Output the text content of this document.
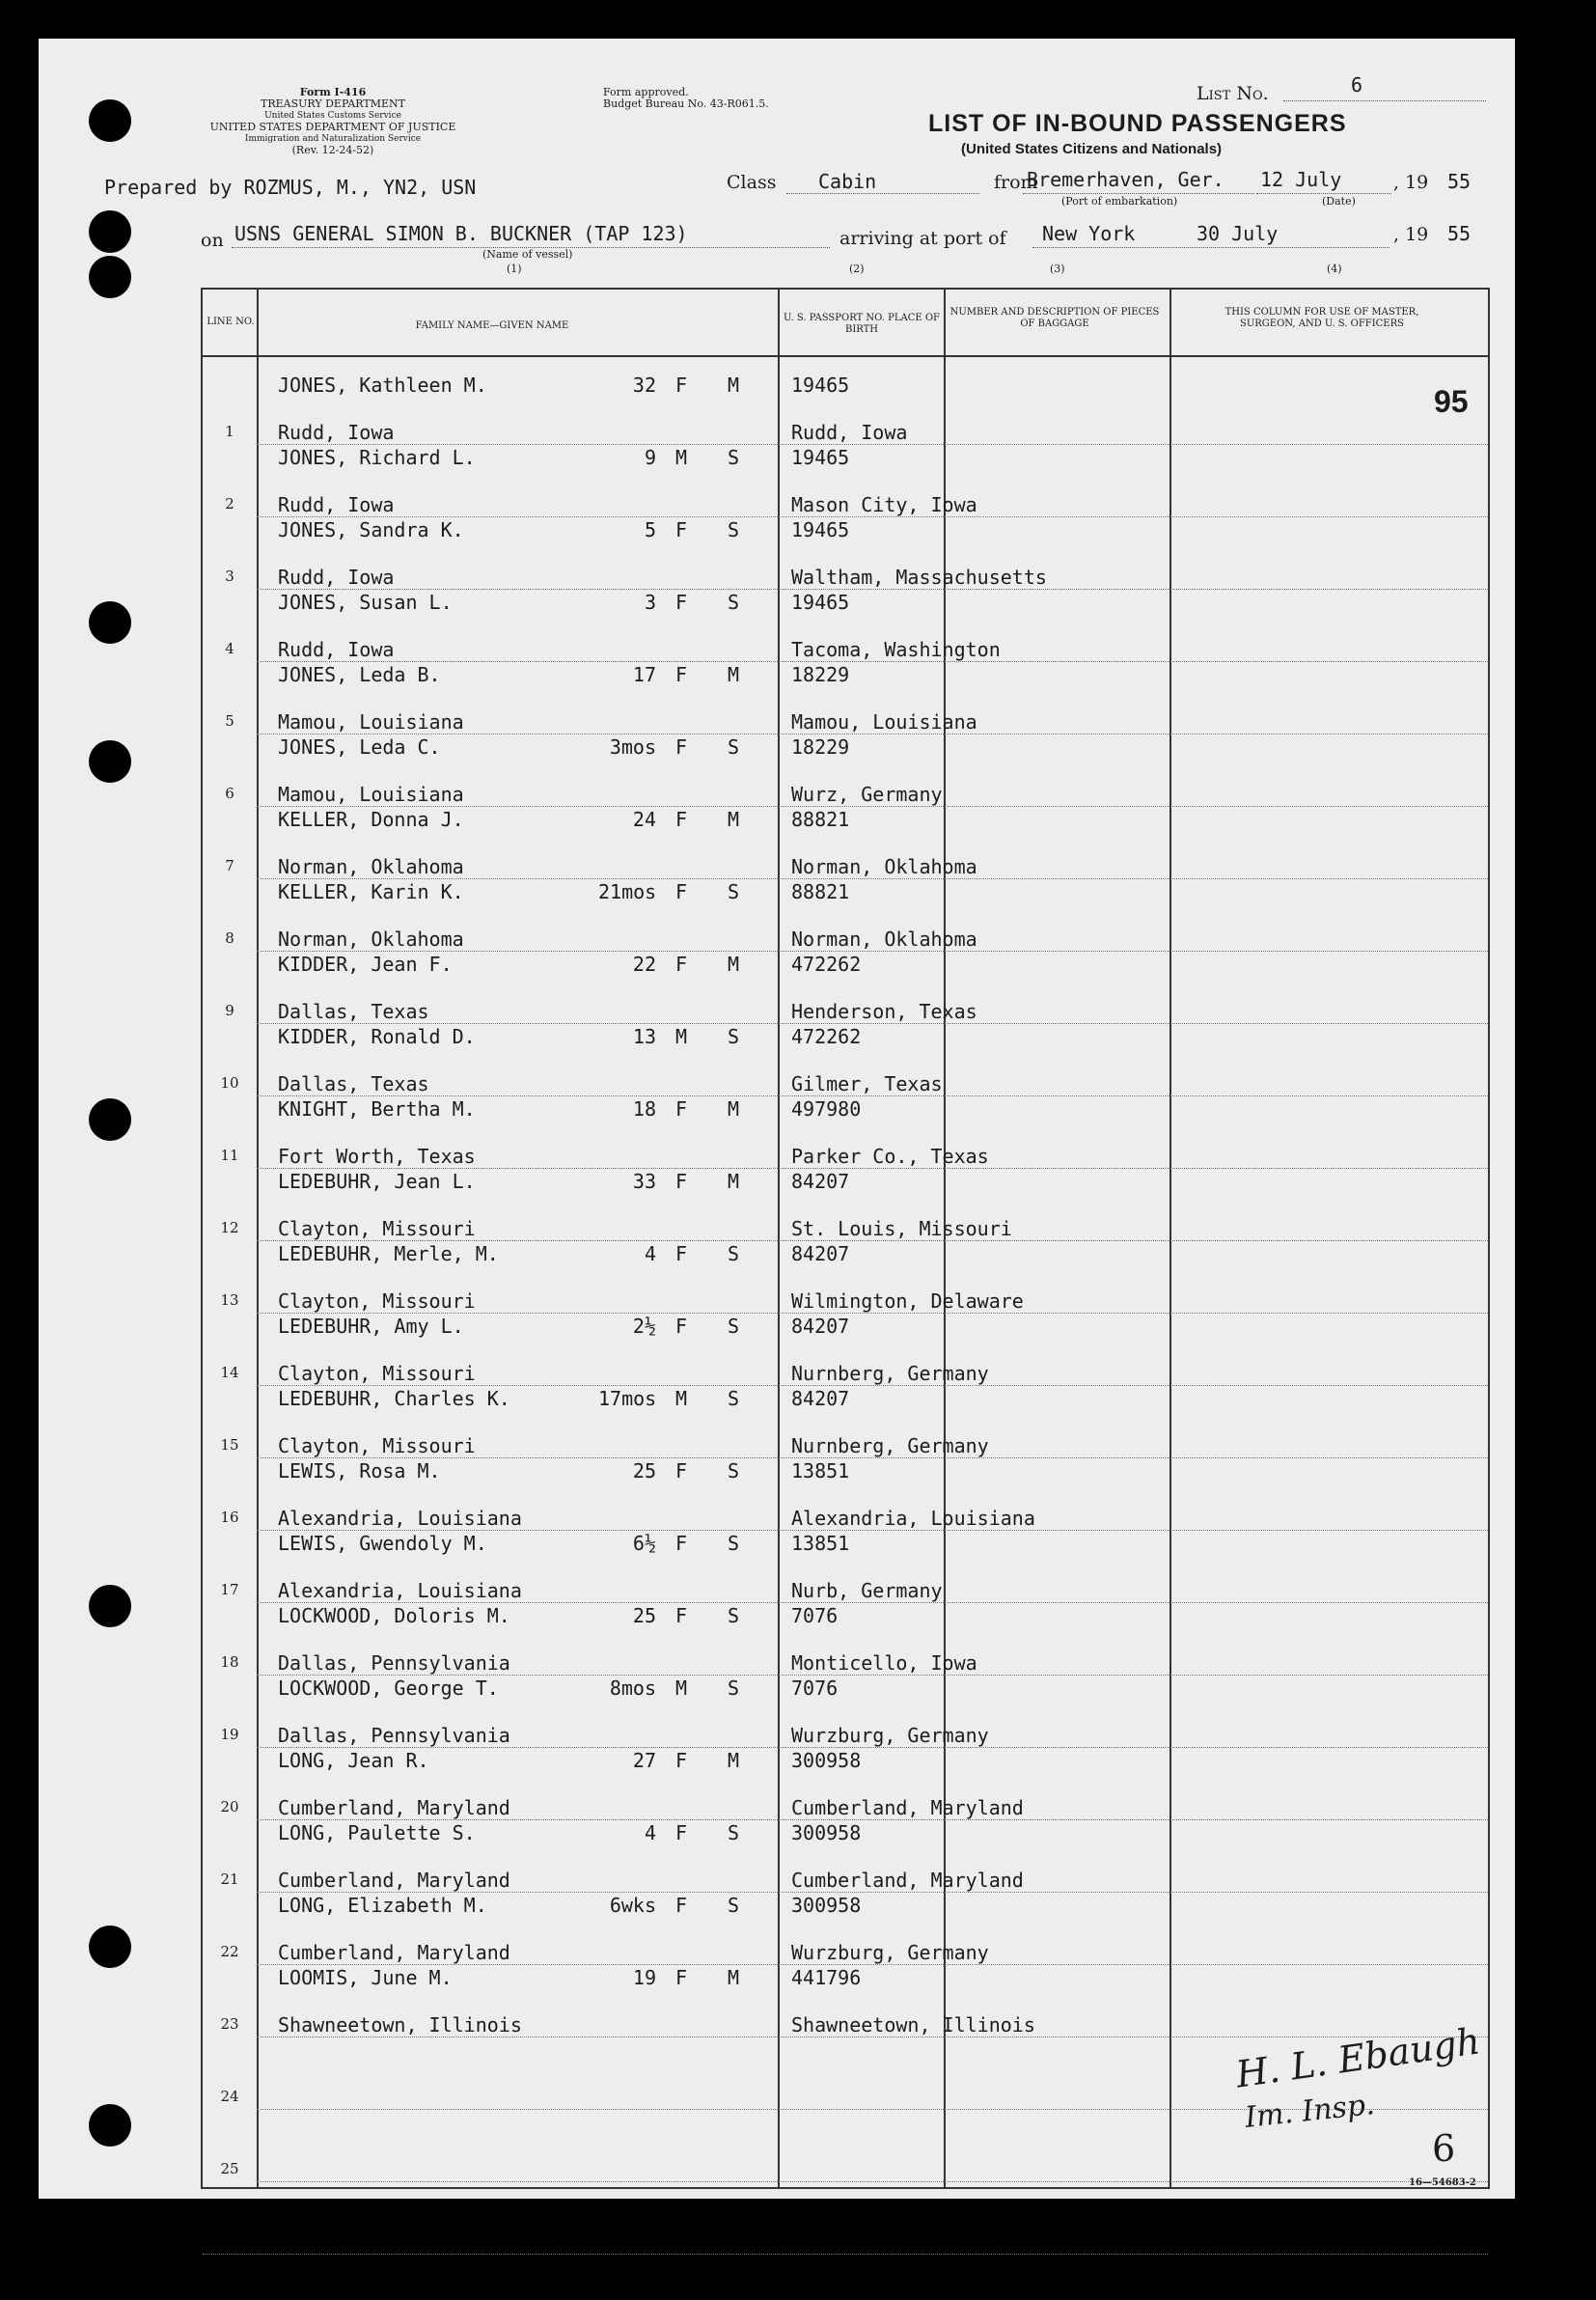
Form I-416
TREASURY DEPARTMENT
United States Customs Service
UNITED STATES DEPARTMENT OF JUSTICE
Immigration and Naturalization Service
(Rev. 12-24-52)
Form approved.
Budget Bureau No. 43-R061.5.	List No.	6
LIST OF IN-BOUND PASSENGERS
(United States Citizens and Nationals)
Prepared by ROZMUS, M., YN2, USN	Class Cabin	from
Bremerhaven, Ger.
(Port of embarkation)
12 July
(Date)
, 19 55
on USNS GENERAL SIMON B. BUCKNER (TAP 123)
(Name of vessel)
(1)
arriving at port of
(2)
New York
(3)
30 July
(4)
, 19 55
LINE NO.	FAMILY NAME—GIVEN NAME
U. S. PASSPORT NO. PLACE OF BIRTH
NUMBER AND DESCRIPTION OF PIECES OF BAGGAGE
THIS COLUMN FOR USE OF MASTER, SURGEON, AND U. S. OFFICERS
95
JONES, Kathleen M.	32 F M	19465
1	Rudd, Iowa	Rudd, Iowa
JONES, Richard L.	9 M S	19465
2	Rudd, Iowa	Mason City, Iowa
JONES, Sandra K.	5 F S	19465
3	Rudd, Iowa	Waltham, Massachusetts
JONES, Susan L.	3 F S	19465
4	Rudd, Iowa	Tacoma, Washington
JONES, Leda B.	17 F M	18229
5	Mamou, Louisiana	Mamou, Louisiana
JONES, Leda C.	3mos F S	18229
6	Mamou, Louisiana	Wurz, Germany
KELLER, Donna J.	24 F M	88821
7	Norman, Oklahoma	Norman, Oklahoma
KELLER, Karin K.	21mos F S	88821
8	Norman, Oklahoma	Norman, Oklahoma
KIDDER, Jean F.	22 F M	472262
9	Dallas, Texas	Henderson, Texas
KIDDER, Ronald D.	13 M S	472262
10	Dallas, Texas	Gilmer, Texas
KNIGHT, Bertha M.	18 F M	497980
11	Fort Worth, Texas	Parker Co., Texas
LEDEBUHR, Jean L.	33 F M	84207
12	Clayton, Missouri	St. Louis, Missouri
LEDEBUHR, Merle, M.	4 F S	84207
13	Clayton, Missouri	Wilmington, Delaware
LEDEBUHR, Amy L.	2½ F S	84207
14	Clayton, Missouri	Nurnberg, Germany
LEDEBUHR, Charles K.	17mos M S	84207
15	Clayton, Missouri	Nurnberg, Germany
LEWIS, Rosa M.	25 F S	13851
16	Alexandria, Louisiana	Alexandria, Louisiana
LEWIS, Gwendoly M.	6½ F S	13851
17	Alexandria, Louisiana	Nurb, Germany
LOCKWOOD, Doloris M.	25 F S	7076
18	Dallas, Pennsylvania	Monticello, Iowa
LOCKWOOD, George T.	8mos M S	7076
19	Dallas, Pennsylvania	Wurzburg, Germany
LONG, Jean R.	27 F M	300958
20	Cumberland, Maryland	Cumberland, Maryland
LONG, Paulette S.	4 F S	300958
21	Cumberland, Maryland	Cumberland, Maryland
LONG, Elizabeth M.	6wks F S	300958
22	Cumberland, Maryland	Wurzburg, Germany
LOOMIS, June M.	19 F M	441796
23	Shawneetown, Illinois	Shawneetown, Illinois
24
25
H. L. Ebaugh
Im. Insp.
6
16—54683-2
